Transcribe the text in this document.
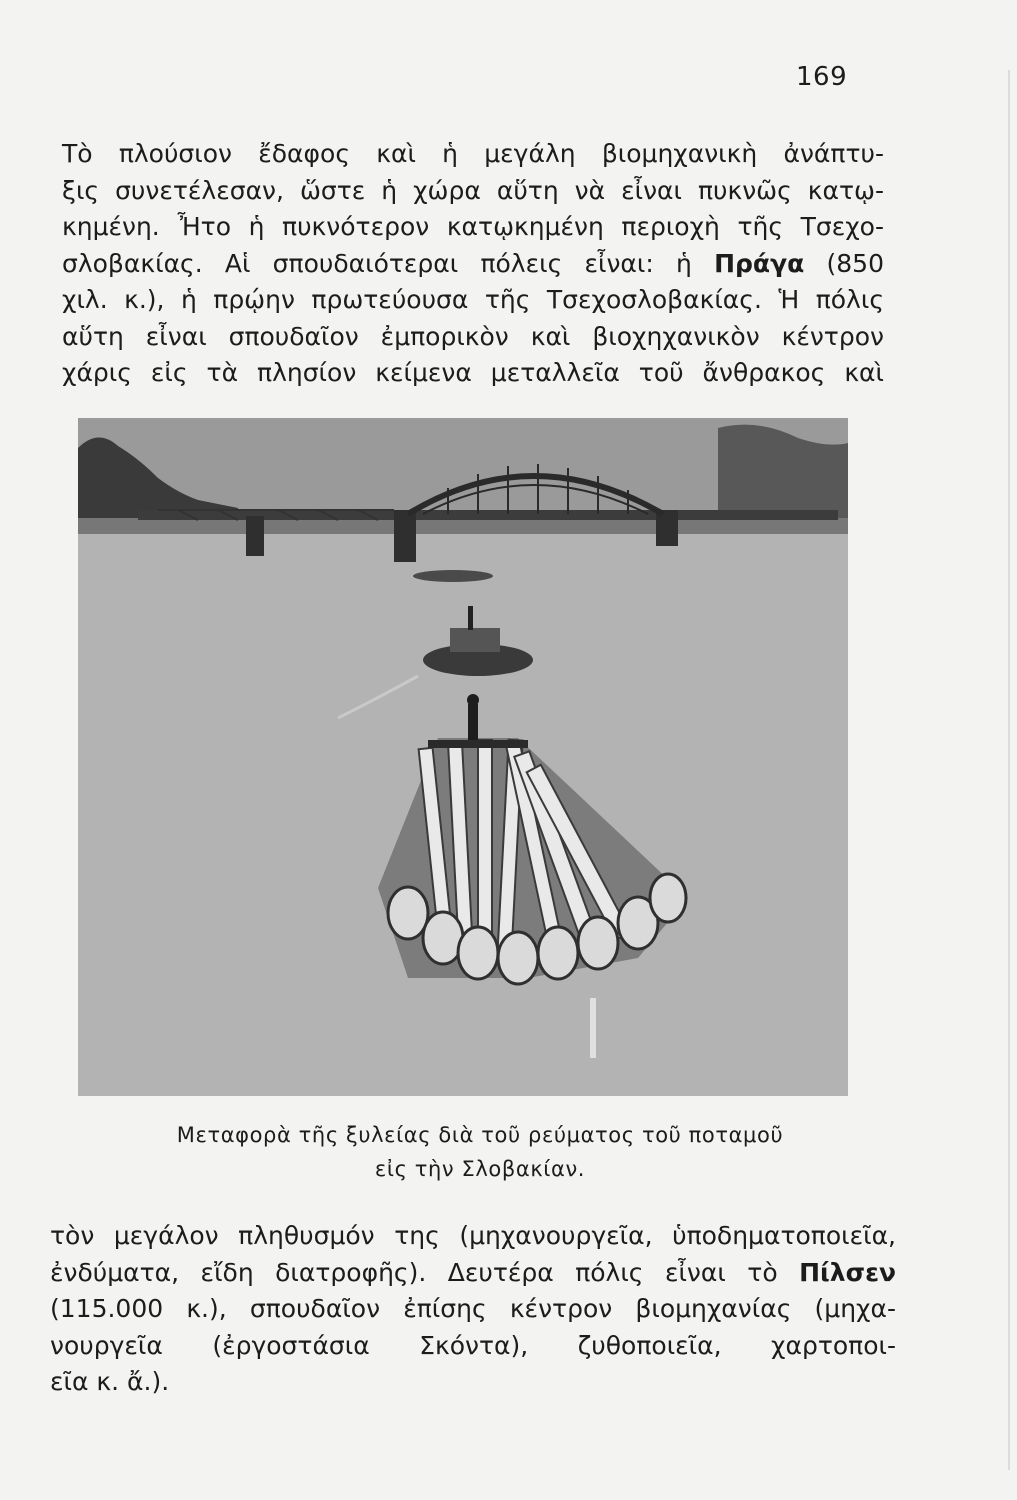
169
Τὸ πλούσιον ἔδαφος καὶ ἡ μεγάλη βιομηχανικὴ ἀνάπτυ-
ξις συνετέλεσαν, ὥστε ἡ χώρα αὕτη νὰ εἶναι πυκνῶς κατῳ-
κημένη. Ἦτο ἡ πυκνότερον κατῳκημένη περιοχὴ τῆς Τσεχο-
σλοβακίας. Αἱ σπουδαιότεραι πόλεις εἶναι: ἡ Πράγα (850
χιλ. κ.), ἡ πρῴην πρωτεύουσα τῆς Τσεχοσλοβακίας. Ἡ πόλις
αὕτη εἶναι σπουδαῖον ἐμπορικὸν καὶ βιοχηχανικὸν κέντρον
χάρις εἰς τὰ πλησίον κείμενα μεταλλεῖα τοῦ ἄνθρακος καὶ
Μεταφορὰ τῆς ξυλείας διὰ τοῦ ρεύματος τοῦ ποταμοῦ
εἰς τὴν Σλοβακίαν.
τὸν μεγάλον πληθυσμόν της (μηχανουργεῖα, ὑποδηματοποιεῖα,
ἐνδύματα, εἴδη διατροφῆς). Δευτέρα πόλις εἶναι τὸ Πίλσεν
(115.000 κ.), σπουδαῖον ἐπίσης κέντρον βιομηχανίας (μηχα-
νουργεῖα (ἐργοστάσια Σκόντα), ζυθοποιεῖα, χαρτοποι-
εῖα κ. ἄ.).
